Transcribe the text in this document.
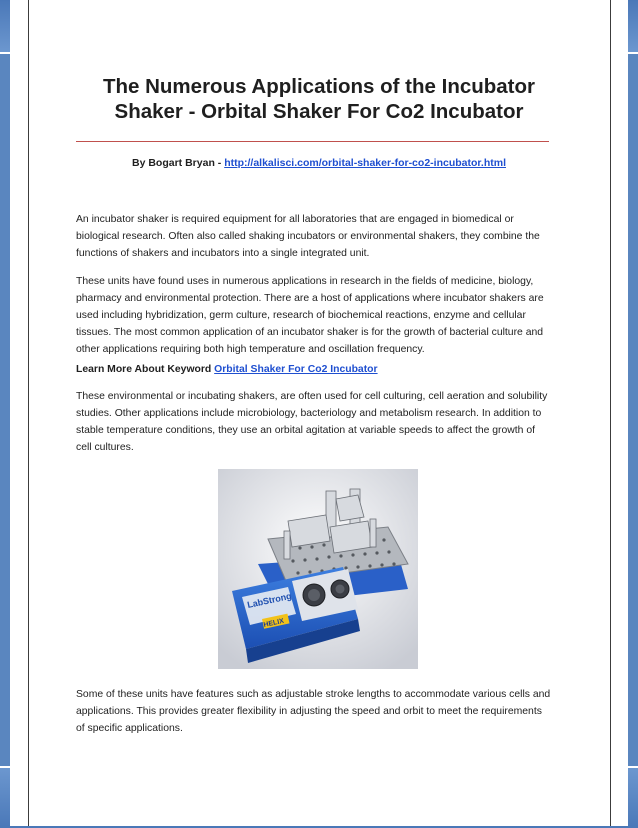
The Numerous Applications of the Incubator Shaker - Orbital Shaker For Co2 Incubator
By Bogart Bryan - http://alkalisci.com/orbital-shaker-for-co2-incubator.html

An incubator shaker is required equipment for all laboratories that are engaged in biomedical or biological research. Often also called shaking incubators or environmental shakers, they combine the functions of shakers and incubators into a single integrated unit.

These units have found uses in numerous applications in research in the fields of medicine, biology, pharmacy and environmental protection. There are a host of applications where incubator shakers are used including hybridization, germ culture, research of biochemical reactions, enzyme and cellular tissues. The most common application of an incubator shaker is for the growth of bacterial culture and other applications requiring both high temperature and oscillation frequency.

Learn More About Keyword Orbital Shaker For Co2 Incubator

These environmental or incubating shakers, are often used for cell culturing, cell aeration and solubility studies. Other applications include microbiology, bacteriology and metabolism research. In addition to stable temperature conditions, they use an orbital agitation at variable speeds to affect the growth of cell cultures.

LabStrong
HELIX

Some of these units have features such as adjustable stroke lengths to accommodate various cells and applications. This provides greater flexibility in adjusting the speed and orbit to meet the requirements of specific applications.
